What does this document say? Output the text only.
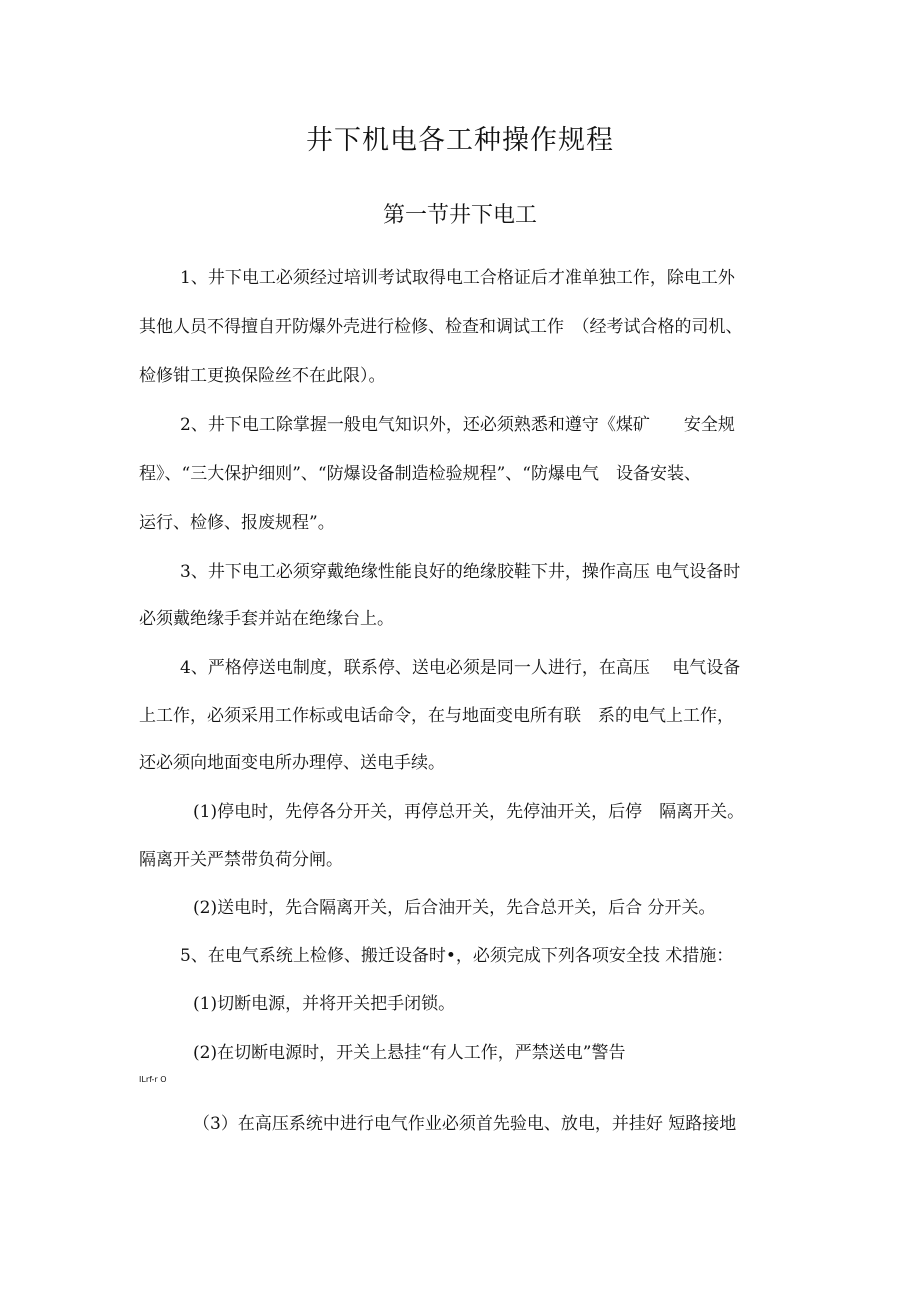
井下机电各工种操作规程
第一节井下电工
1、井下电工必须经过培训考试取得电工合格证后才准单独工作，除电工外
其他人员不得擅自开防爆外壳进行检修、检查和调试工作　（经考试合格的司机、
检修钳工更换保险丝不在此限）。
2、井下电工除掌握一般电气知识外，还必须熟悉和遵守《煤矿　　安全规
程》、“三大保护细则”、“防爆设备制造检验规程”、“防爆电气　设备安装、
运行、检修、报废规程”。
3、井下电工必须穿戴绝缘性能良好的绝缘胶鞋下井，操作高压 电气设备时
必须戴绝缘手套并站在绝缘台上。
4、严格停送电制度，联系停、送电必须是同一人进行，在高压　 电气设备
上工作，必须采用工作标或电话命令，在与地面变电所有联　系的电气上工作，
还必须向地面变电所办理停、送电手续。
(1)停电时，先停各分开关，再停总开关，先停油开关，后停　隔离开关。
隔离开关严禁带负荷分闸。
(2)送电时，先合隔离开关，后合油开关，先合总开关，后合 分开关。
5、在电气系统上检修、搬迁设备时•，必须完成下列各项安全技 术措施：
(1)切断电源，并将开关把手闭锁。
(2)在切断电源时，开关上悬挂“有人工作，严禁送电”警告
ILrf-r O
（3）在高压系统中进行电气作业必须首先验电、放电，并挂好 短路接地
